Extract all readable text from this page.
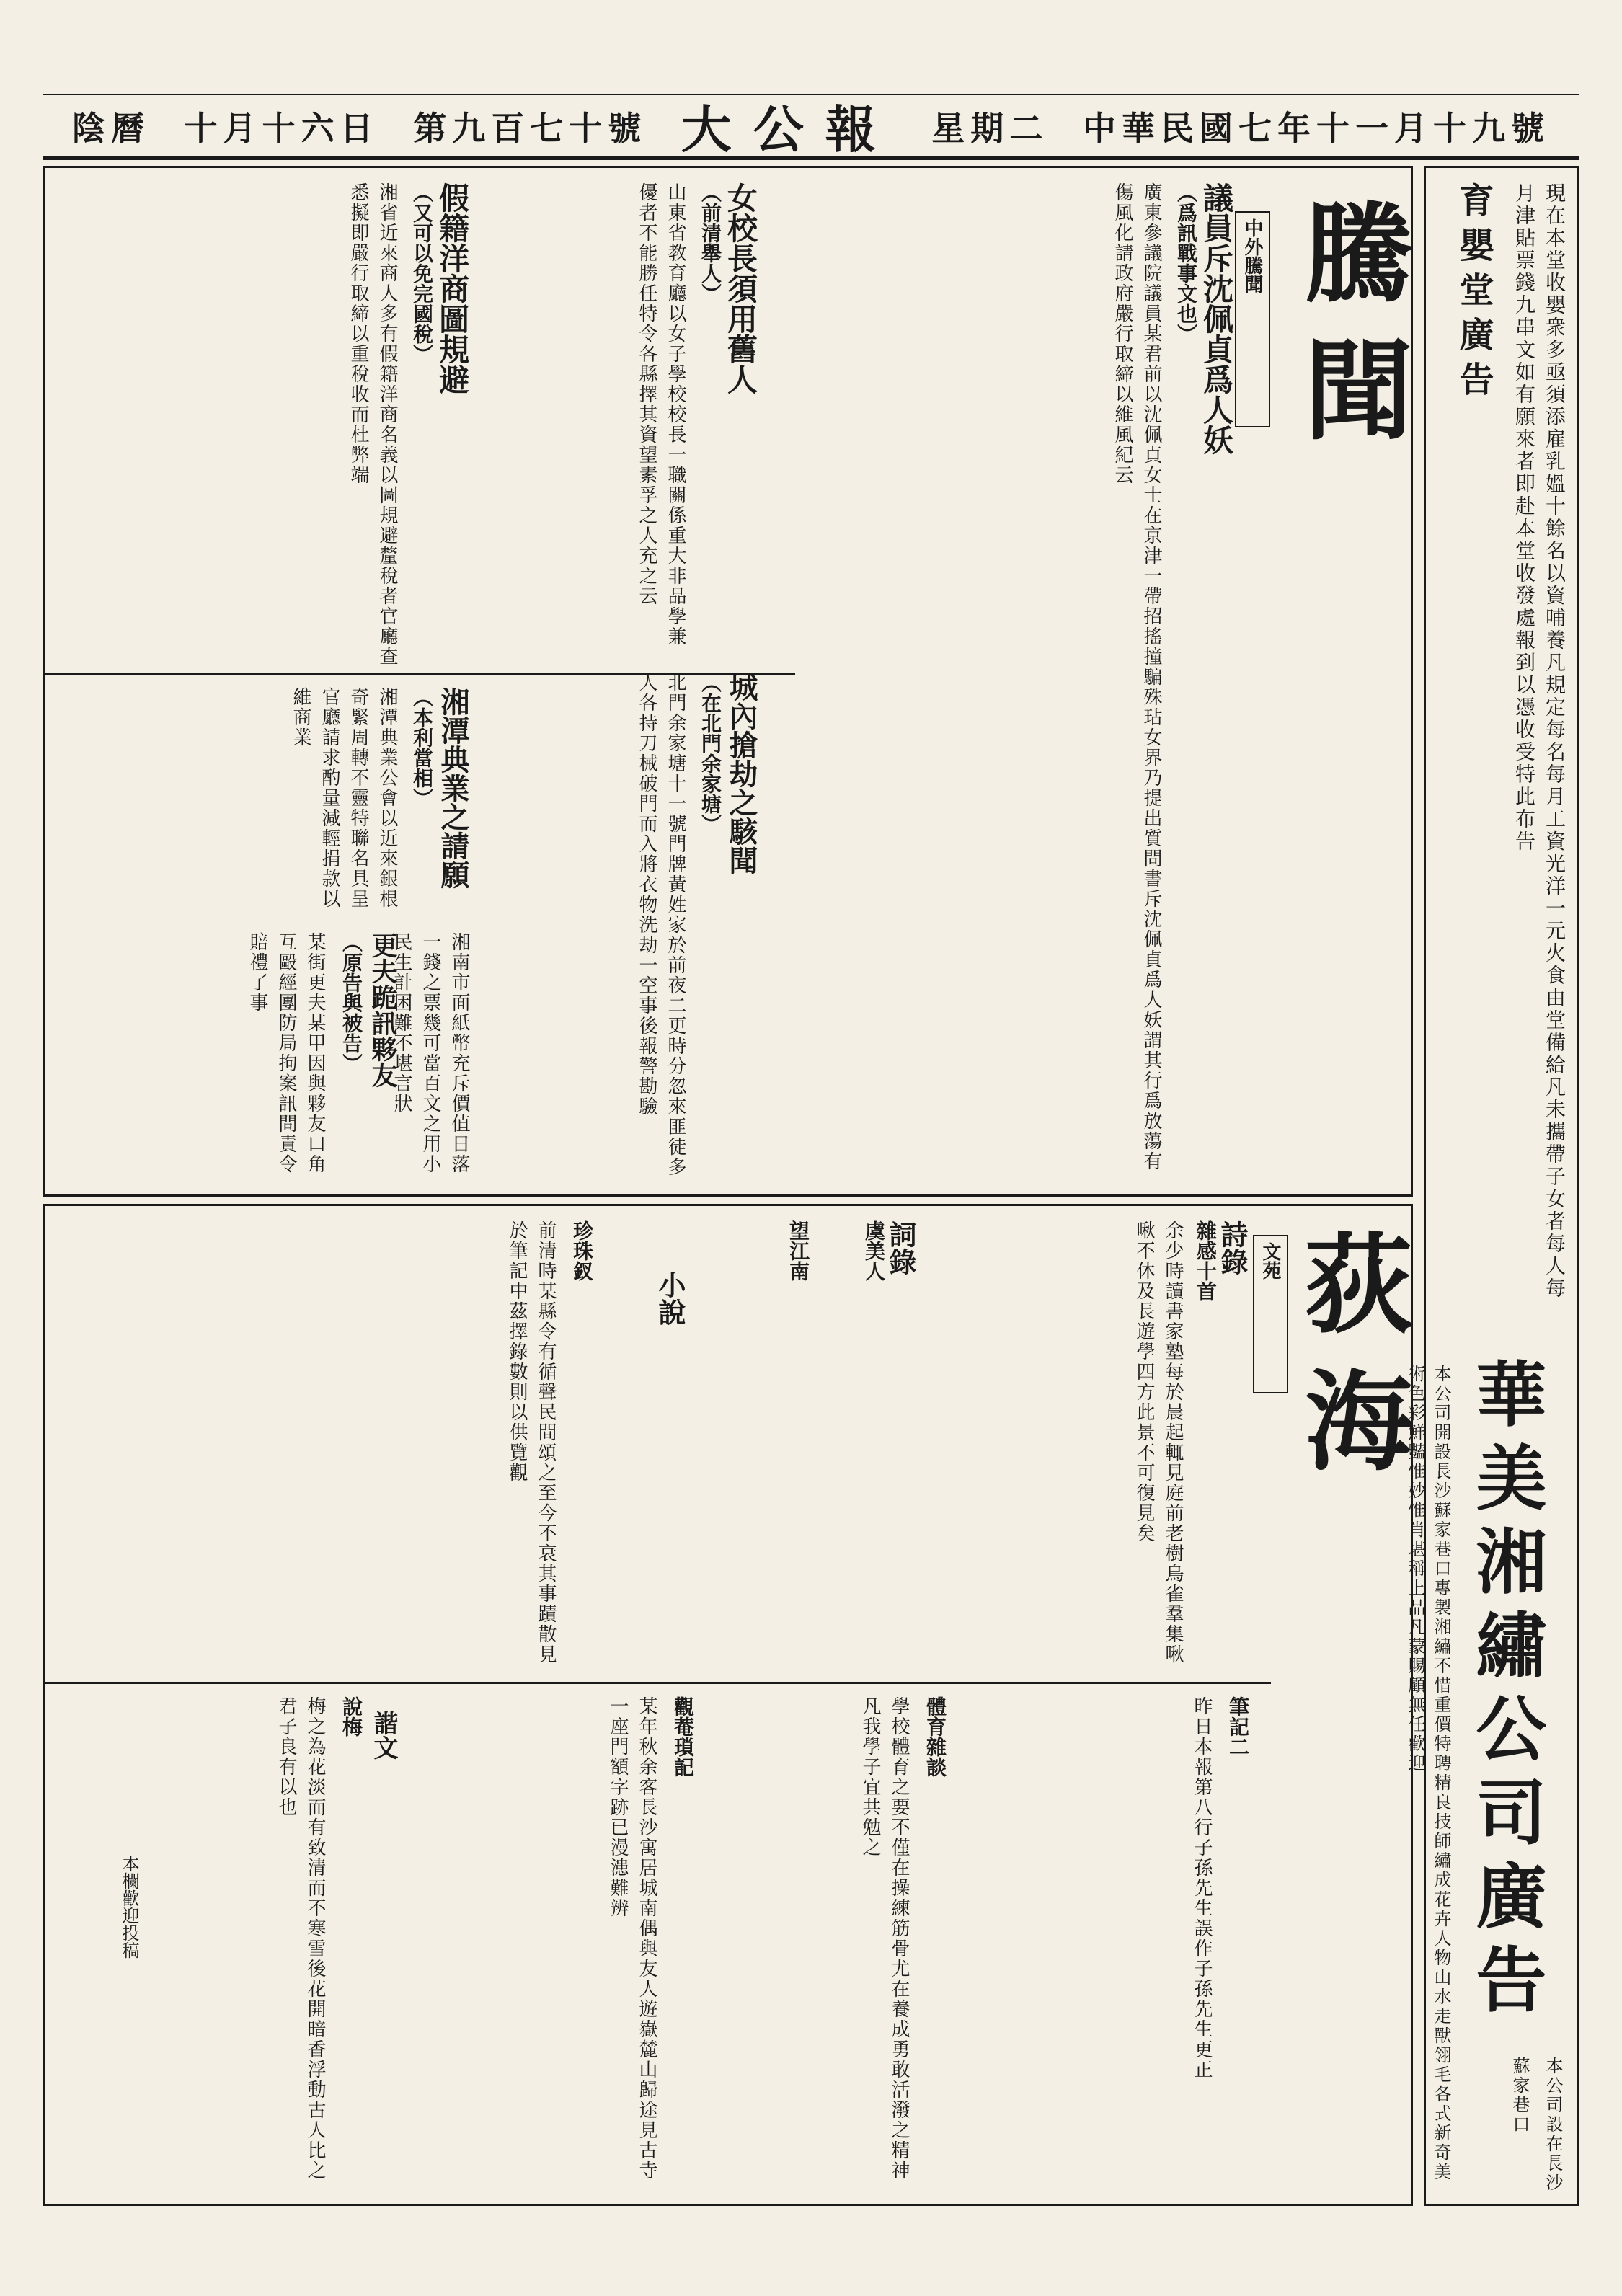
陰曆 十月十六日 第九百七十號 大公報 星期二 中華民國七年十一月十九號
育嬰堂廣告	現在本堂收嬰衆多亟須添雇乳媼十餘名以資哺養凡規定每名每月工資光洋一元火食由堂備給凡未攜帶子女者每人每月津貼票錢九串文如有願來者即赴本堂收發處報到以憑收受特此布告
華美湘繡公司廣告
本公司開設長沙蘇家巷口專製湘繡不惜重價特聘精良技師繡成花卉人物山水走獸翎毛各式新奇美術色彩鮮豔惟妙惟肖堪稱上品凡蒙賜顧無任歡迎
本公司設在長沙蘇家巷口
騰聞
中外騰聞
議員斥沈佩貞爲人妖
（爲訊戰事文也）
廣東參議院議員某君前以沈佩貞女士在京津一帶招搖撞騙殊玷女界乃提出質問書斥沈佩貞爲人妖謂其行爲放蕩有傷風化請政府嚴行取締以維風紀云
女校長須用舊人
（前清舉人）
山東省教育廳以女子學校校長一職關係重大非品學兼優者不能勝任特令各縣擇其資望素孚之人充之云
假籍洋商圖規避
（又可以免完國稅）
湘省近來商人多有假籍洋商名義以圖規避釐稅者官廳查悉擬即嚴行取締以重稅收而杜弊端
城內搶劫之駭聞
（在北門余家塘）
北門余家塘十一號門牌黃姓家於前夜二更時分忽來匪徒多人各持刀械破門而入將衣物洗劫一空事後報警勘驗
湘潭典業之請願
（本利當相）
湘潭典業公會以近來銀根奇緊周轉不靈特聯名具呈官廳請求酌量減輕捐款以維商業
更夫跪訊夥友
（原告與被告）
某街更夫某甲因與夥友口角互毆經團防局拘案訊問責令賠禮了事	湘南市面紙幣充斥價值日落一錢之票幾可當百文之用小民生計困難不堪言狀
荻海
文苑
詩錄
雜感十首
余少時讀書家塾每於晨起輒見庭前老樹鳥雀羣集啾啾不休及長遊學四方此景不可復見矣
詞錄
虞美人
望江南
小說
珍珠釵
前清時某縣令有循聲民間頌之至今不衰其事蹟散見於筆記中茲擇錄數則以供覽觀
筆記二
昨日本報第八行子孫先生誤作子孫先生更正
體育雜談
學校體育之要不僅在操練筋骨尤在養成勇敢活潑之精神凡我學子宜共勉之
觀菴瑣記
某年秋余客長沙寓居城南偶與友人遊嶽麓山歸途見古寺一座門額字跡已漫漶難辨
諧文
說梅
梅之為花淡而有致清而不寒雪後花開暗香浮動古人比之君子良有以也
本欄歡迎投稿
